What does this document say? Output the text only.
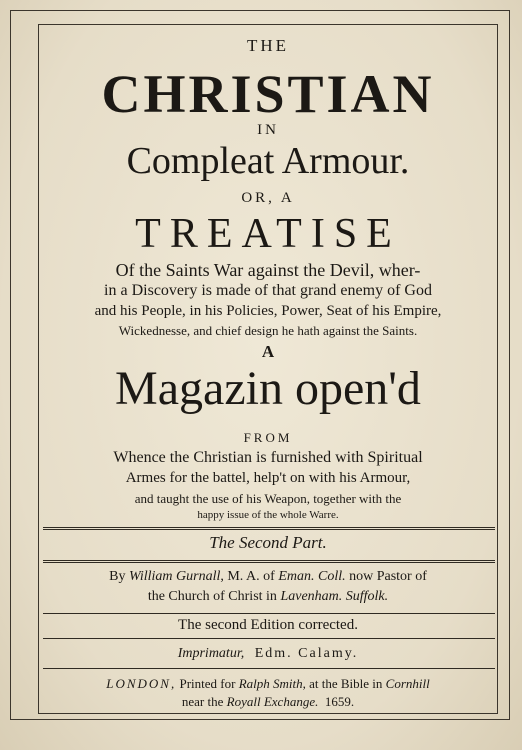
THE
CHRISTIAN
IN
Compleat Armour.
OR, A
TREATISE
Of the Saints War against the Devil, wher-
in a Discovery is made of that grand enemy of God
and his People, in his Policies, Power, Seat of his Empire,
Wickednesse, and chief design he hath against the Saints.
A
Magazin open'd
FROM
Whence the Christian is furnished with Spiritual
Armes for the battel, help't on with his Armour,
and taught the use of his Weapon, together with the
happy issue of the whole Warre.
The Second Part.
By William Gurnall, M. A. of Eman. Coll. now Pastor of
the Church of Christ in Lavenham. Suffolk.
The second Edition corrected.
Imprimatur, Edm. Calamy.
LONDON, Printed for Ralph Smith, at the Bible in Cornhill
near the Royall Exchange. 1659.
